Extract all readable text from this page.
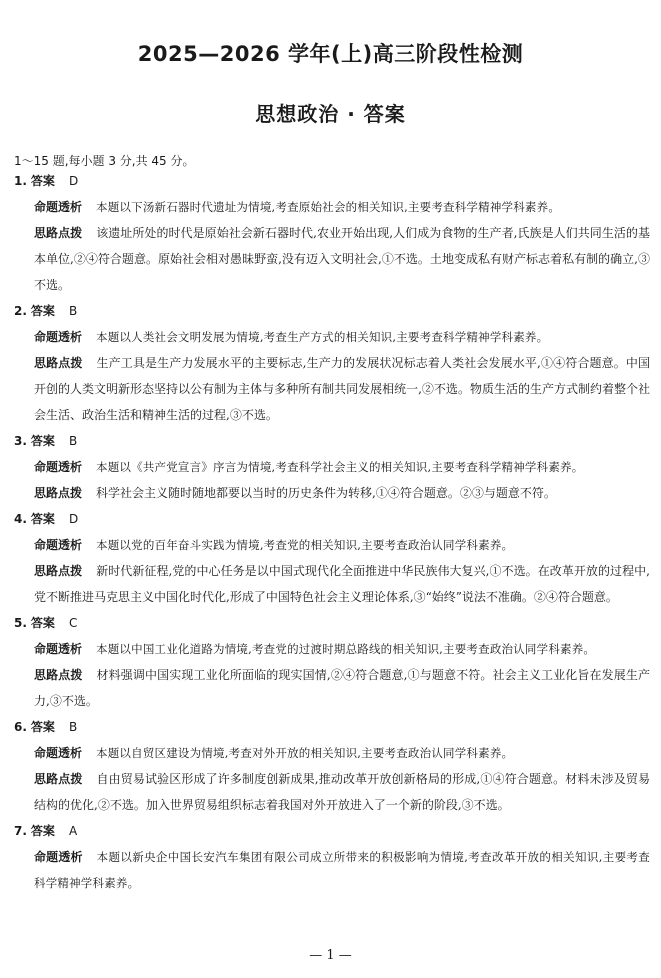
2025—2026 学年(上)高三阶段性检测
思想政治 · 答案
1～15 题,每小题 3 分,共 45 分。
1. 答案 D

命题透析 本题以下汤新石器时代遗址为情境,考查原始社会的相关知识,主要考查科学精神学科素养。

思路点拨 该遗址所处的时代是原始社会新石器时代,农业开始出现,人们成为食物的生产者,氏族是人们共同生活的基本单位,②④符合题意。原始社会相对愚昧野蛮,没有迈入文明社会,①不选。土地变成私有财产标志着私有制的确立,③不选。

2. 答案 B

命题透析 本题以人类社会文明发展为情境,考查生产方式的相关知识,主要考查科学精神学科素养。

思路点拨 生产工具是生产力发展水平的主要标志,生产力的发展状况标志着人类社会发展水平,①④符合题意。中国开创的人类文明新形态坚持以公有制为主体与多种所有制共同发展相统一,②不选。物质生活的生产方式制约着整个社会生活、政治生活和精神生活的过程,③不选。

3. 答案 B

命题透析 本题以《共产党宣言》序言为情境,考查科学社会主义的相关知识,主要考查科学精神学科素养。

思路点拨 科学社会主义随时随地都要以当时的历史条件为转移,①④符合题意。②③与题意不符。

4. 答案 D

命题透析 本题以党的百年奋斗实践为情境,考查党的相关知识,主要考查政治认同学科素养。

思路点拨 新时代新征程,党的中心任务是以中国式现代化全面推进中华民族伟大复兴,①不选。在改革开放的过程中,党不断推进马克思主义中国化时代化,形成了中国特色社会主义理论体系,③“始终”说法不准确。②④符合题意。

5. 答案 C

命题透析 本题以中国工业化道路为情境,考查党的过渡时期总路线的相关知识,主要考查政治认同学科素养。

思路点拨 材料强调中国实现工业化所面临的现实国情,②④符合题意,①与题意不符。社会主义工业化旨在发展生产力,③不选。

6. 答案 B

命题透析 本题以自贸区建设为情境,考查对外开放的相关知识,主要考查政治认同学科素养。

思路点拨 自由贸易试验区形成了许多制度创新成果,推动改革开放创新格局的形成,①④符合题意。材料未涉及贸易结构的优化,②不选。加入世界贸易组织标志着我国对外开放进入了一个新的阶段,③不选。

7. 答案 A

命题透析 本题以新央企中国长安汽车集团有限公司成立所带来的积极影响为情境,考查改革开放的相关知识,主要考查科学精神学科素养。

— 1 —
